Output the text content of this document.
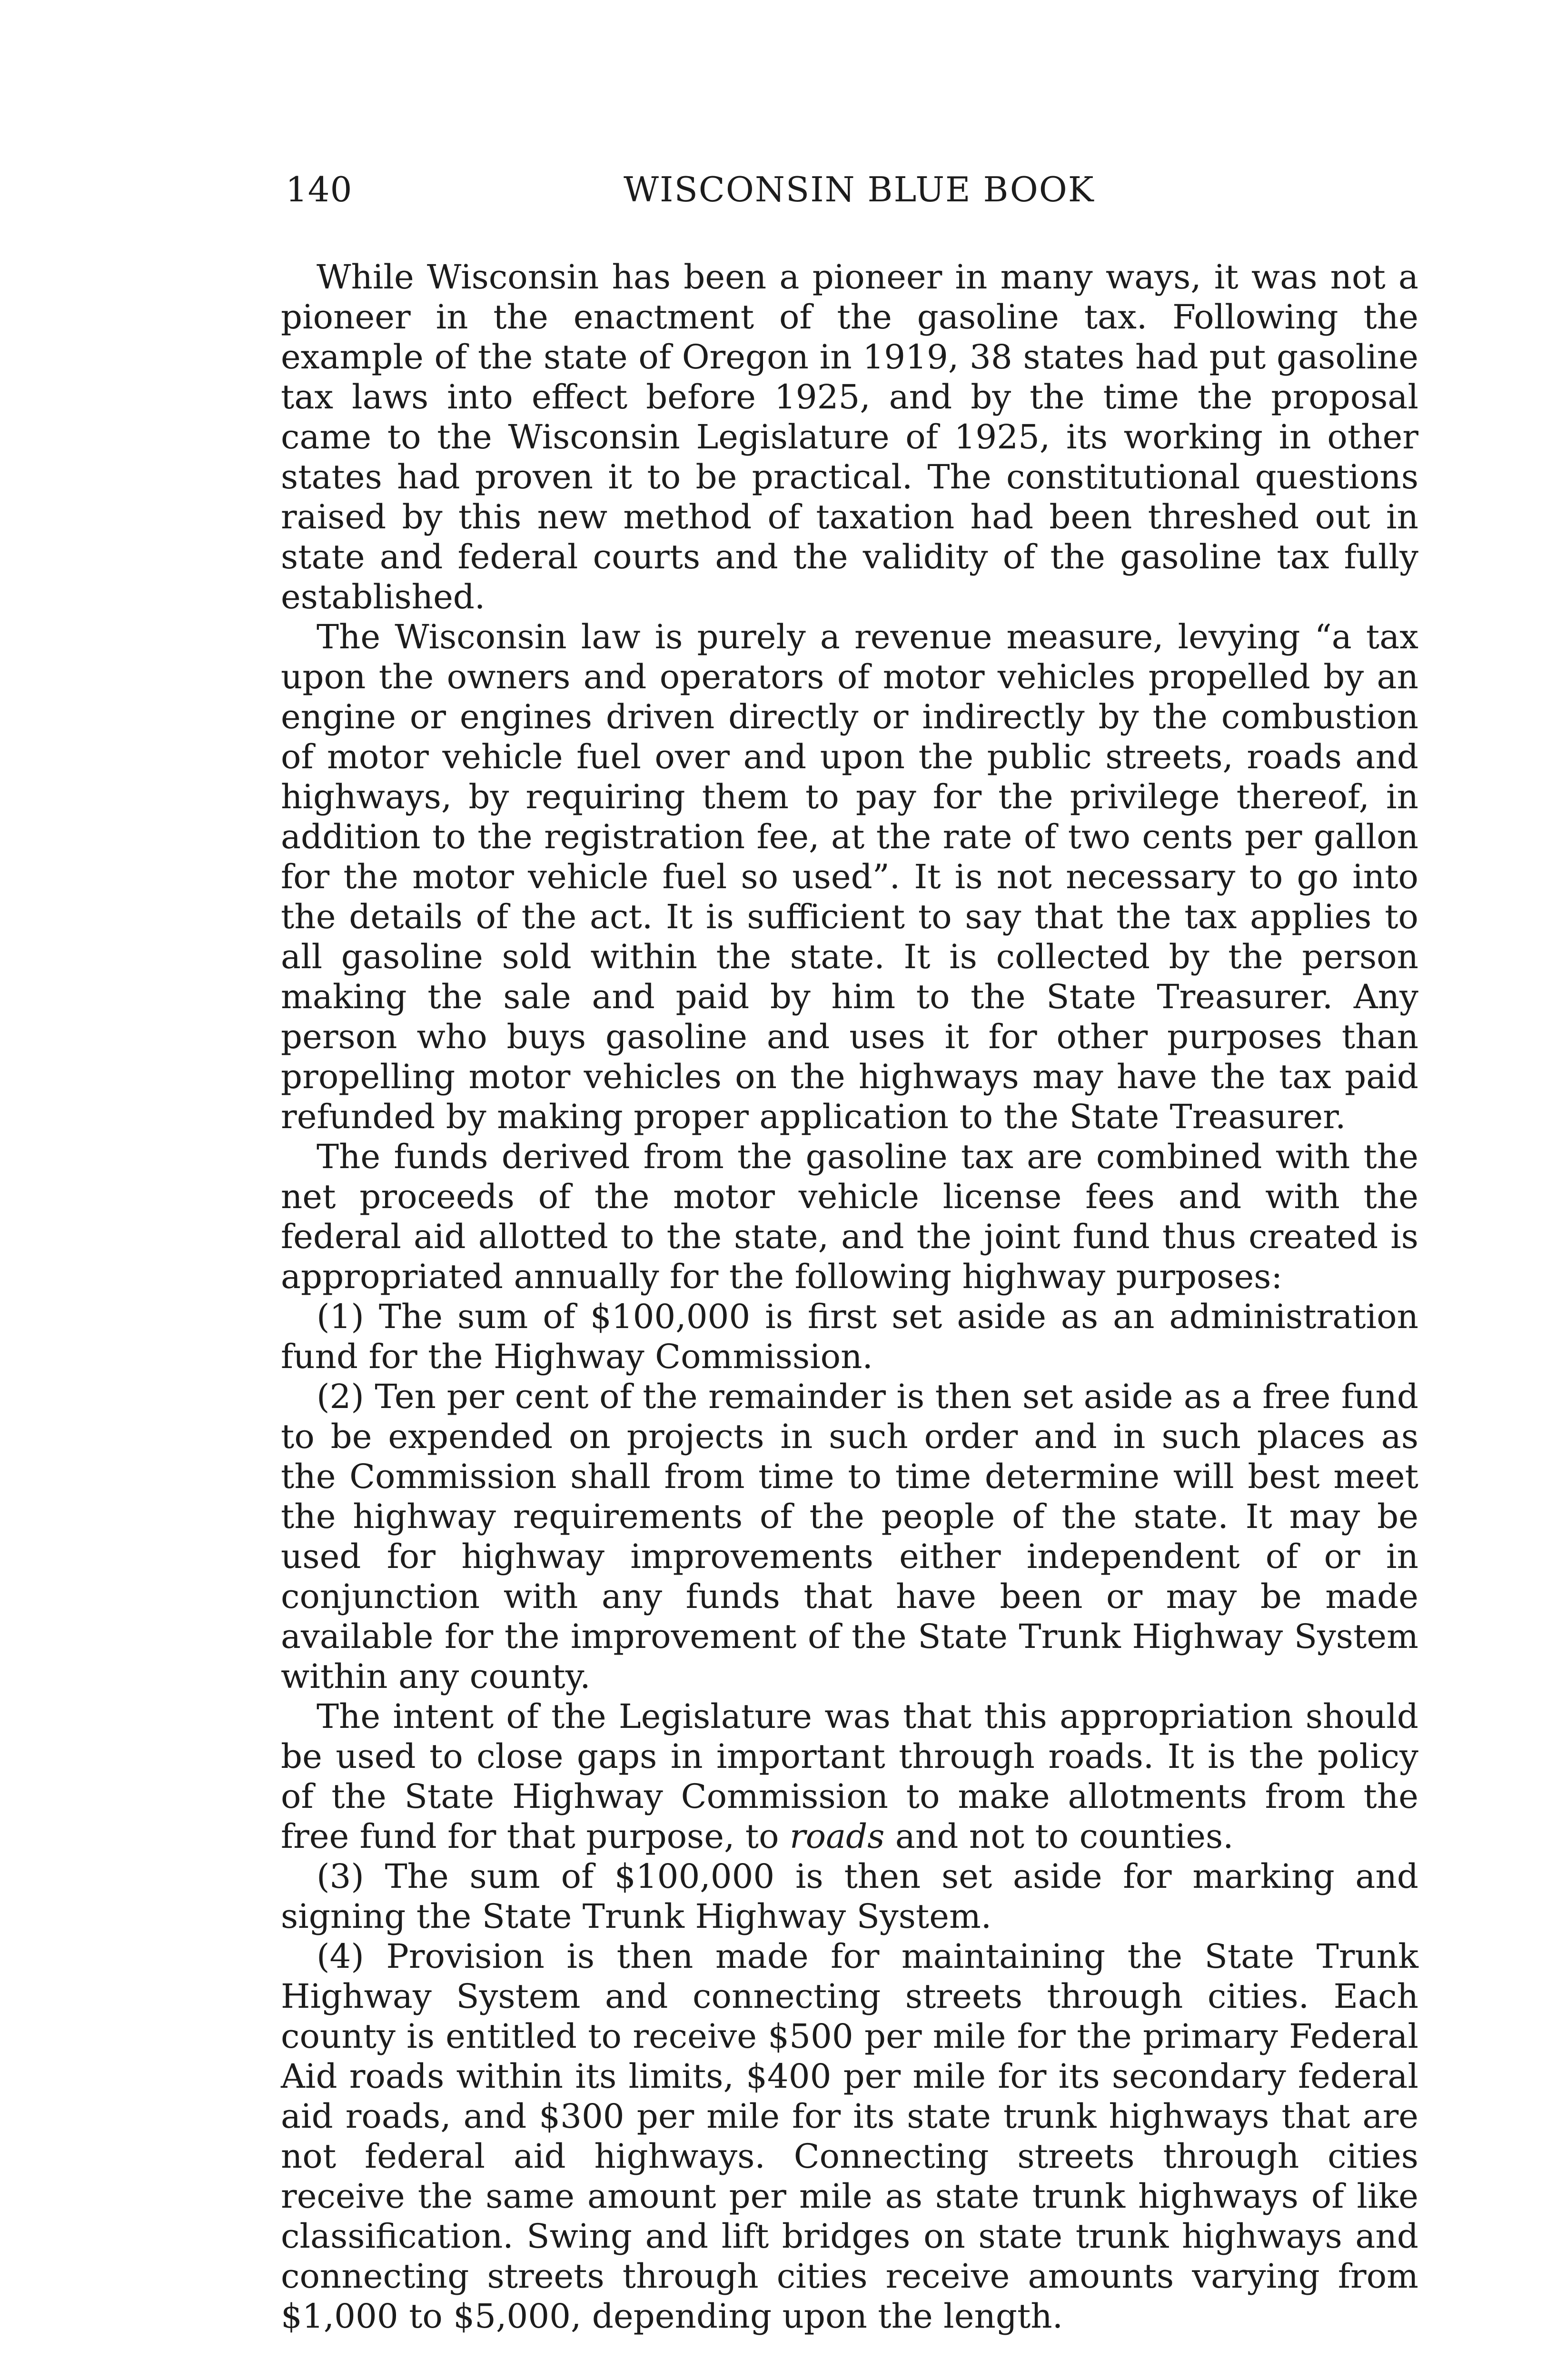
140	WISCONSIN BLUE BOOK

While Wisconsin has been a pioneer in many ways, it was not a pioneer in the enactment of the gasoline tax. Following the example of the state of Oregon in 1919, 38 states had put gasoline tax laws into effect before 1925, and by the time the proposal came to the Wisconsin Legislature of 1925, its working in other states had proven it to be practical. The constitutional questions raised by this new method of taxation had been threshed out in state and federal courts and the validity of the gasoline tax fully established.

The Wisconsin law is purely a revenue measure, levying “a tax upon the owners and operators of motor vehicles propelled by an engine or engines driven directly or indirectly by the combustion of motor vehicle fuel over and upon the public streets, roads and highways, by requiring them to pay for the privilege thereof, in addition to the registration fee, at the rate of two cents per gallon for the motor vehicle fuel so used”. It is not necessary to go into the details of the act. It is sufficient to say that the tax applies to all gasoline sold within the state. It is collected by the person making the sale and paid by him to the State Treasurer. Any person who buys gasoline and uses it for other purposes than propelling motor vehicles on the highways may have the tax paid refunded by making proper application to the State Treasurer.

The funds derived from the gasoline tax are combined with the net proceeds of the motor vehicle license fees and with the federal aid allotted to the state, and the joint fund thus created is appropriated annually for the following highway purposes:

(1) The sum of $100,000 is first set aside as an administration fund for the Highway Commission.

(2) Ten per cent of the remainder is then set aside as a free fund to be expended on projects in such order and in such places as the Commission shall from time to time determine will best meet the highway requirements of the people of the state. It may be used for highway improvements either independent of or in conjunction with any funds that have been or may be made available for the improvement of the State Trunk Highway System within any county.

The intent of the Legislature was that this appropriation should be used to close gaps in important through roads. It is the policy of the State Highway Commission to make allotments from the free fund for that purpose, to roads and not to counties.

(3) The sum of $100,000 is then set aside for marking and signing the State Trunk Highway System.

(4) Provision is then made for maintaining the State Trunk Highway System and connecting streets through cities. Each county is entitled to receive $500 per mile for the primary Federal Aid roads within its limits, $400 per mile for its secondary federal aid roads, and $300 per mile for its state trunk highways that are not federal aid highways. Connecting streets through cities receive the same amount per mile as state trunk highways of like classification. Swing and lift bridges on state trunk highways and connecting streets through cities receive amounts varying from $1,000 to $5,000, depending upon the length.
